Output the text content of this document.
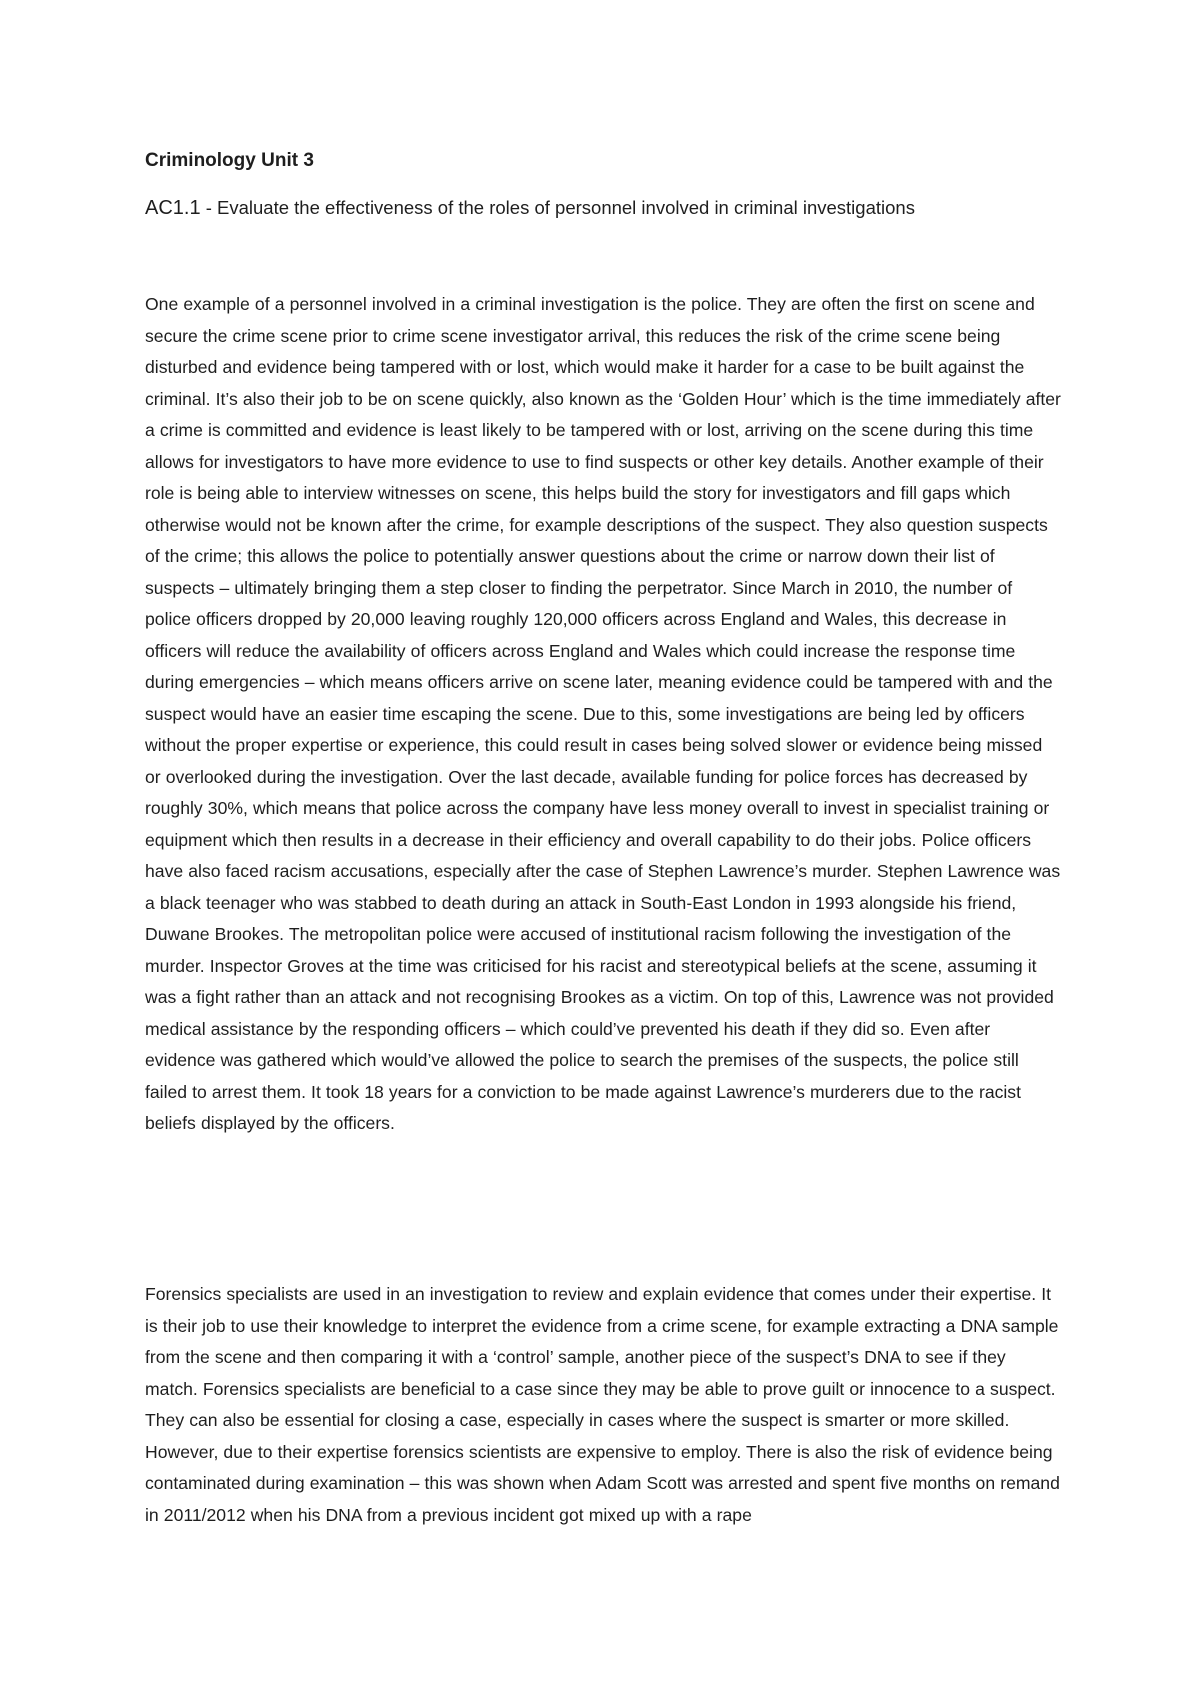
Criminology Unit 3

AC1.1 - Evaluate the effectiveness of the roles of personnel involved in criminal investigations

One example of a personnel involved in a criminal investigation is the police. They are often the first on scene and secure the crime scene prior to crime scene investigator arrival, this reduces the risk of the crime scene being disturbed and evidence being tampered with or lost, which would make it harder for a case to be built against the criminal. It’s also their job to be on scene quickly, also known as the ‘Golden Hour’ which is the time immediately after a crime is committed and evidence is least likely to be tampered with or lost, arriving on the scene during this time allows for investigators to have more evidence to use to find suspects or other key details. Another example of their role is being able to interview witnesses on scene, this helps build the story for investigators and fill gaps which otherwise would not be known after the crime, for example descriptions of the suspect. They also question suspects of the crime; this allows the police to potentially answer questions about the crime or narrow down their list of suspects – ultimately bringing them a step closer to finding the perpetrator. Since March in 2010, the number of police officers dropped by 20,000 leaving roughly 120,000 officers across England and Wales, this decrease in officers will reduce the availability of officers across England and Wales which could increase the response time during emergencies – which means officers arrive on scene later, meaning evidence could be tampered with and the suspect would have an easier time escaping the scene. Due to this, some investigations are being led by officers without the proper expertise or experience, this could result in cases being solved slower or evidence being missed or overlooked during the investigation. Over the last decade, available funding for police forces has decreased by roughly 30%, which means that police across the company have less money overall to invest in specialist training or equipment which then results in a decrease in their efficiency and overall capability to do their jobs. Police officers have also faced racism accusations, especially after the case of Stephen Lawrence’s murder. Stephen Lawrence was a black teenager who was stabbed to death during an attack in South-East London in 1993 alongside his friend, Duwane Brookes. The metropolitan police were accused of institutional racism following the investigation of the murder. Inspector Groves at the time was criticised for his racist and stereotypical beliefs at the scene, assuming it was a fight rather than an attack and not recognising Brookes as a victim. On top of this, Lawrence was not provided medical assistance by the responding officers – which could’ve prevented his death if they did so. Even after evidence was gathered which would’ve allowed the police to search the premises of the suspects, the police still failed to arrest them. It took 18 years for a conviction to be made against Lawrence’s murderers due to the racist beliefs displayed by the officers.

Forensics specialists are used in an investigation to review and explain evidence that comes under their expertise. It is their job to use their knowledge to interpret the evidence from a crime scene, for example extracting a DNA sample from the scene and then comparing it with a ‘control’ sample, another piece of the suspect’s DNA to see if they match. Forensics specialists are beneficial to a case since they may be able to prove guilt or innocence to a suspect. They can also be essential for closing a case, especially in cases where the suspect is smarter or more skilled. However, due to their expertise forensics scientists are expensive to employ. There is also the risk of evidence being contaminated during examination – this was shown when Adam Scott was arrested and spent five months on remand in 2011/2012 when his DNA from a previous incident got mixed up with a rape
